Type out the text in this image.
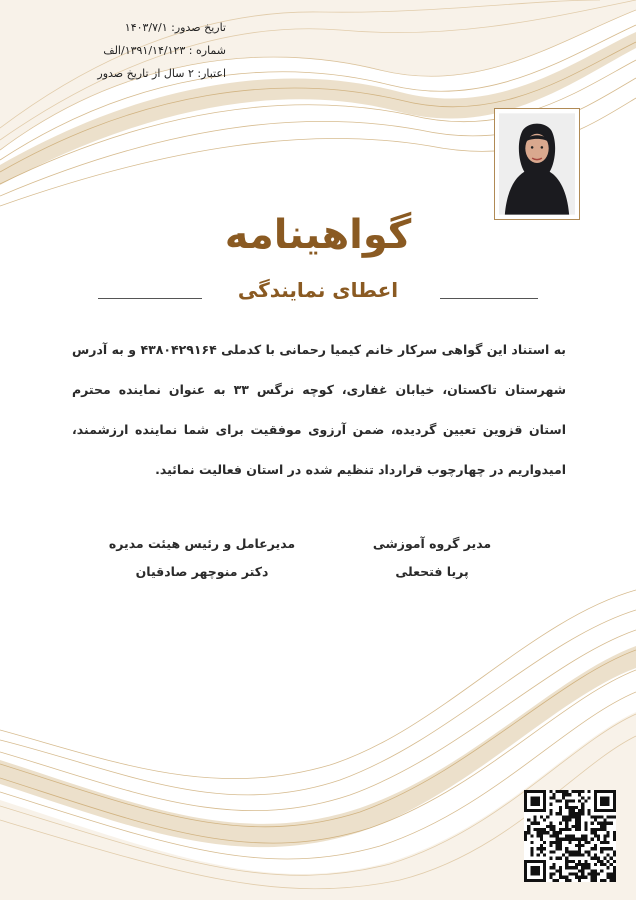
تاریخ صدور: ۱۴۰۳/۷/۱
شماره : ۱۳۹۱/۱۴/۱۲۳/الف
اعتبار: ۲ سال از تاریخ صدور
گواهینامه
اعطای نمایندگی
به استناد این گواهی سرکار خانم کیمیا رحمانی با کدملی ۴۳۸۰۴۲۹۱۶۴ و به آدرس شهرستان تاکستان، خیابان غفاری، کوچه نرگس ۳۳ به عنوان نماینده محترم استان قزوین تعیین گردیده، ضمن آرزوی موفقیت برای شما نماینده ارزشمند، امیدواریم در چهارچوب قرارداد تنظیم شده در استان فعالیت نمائید.
مدیر گروه آموزشی
پریا فتحعلی
مدیرعامل و رئیس هیئت مدیره
دکتر منوچهر صادقیان
